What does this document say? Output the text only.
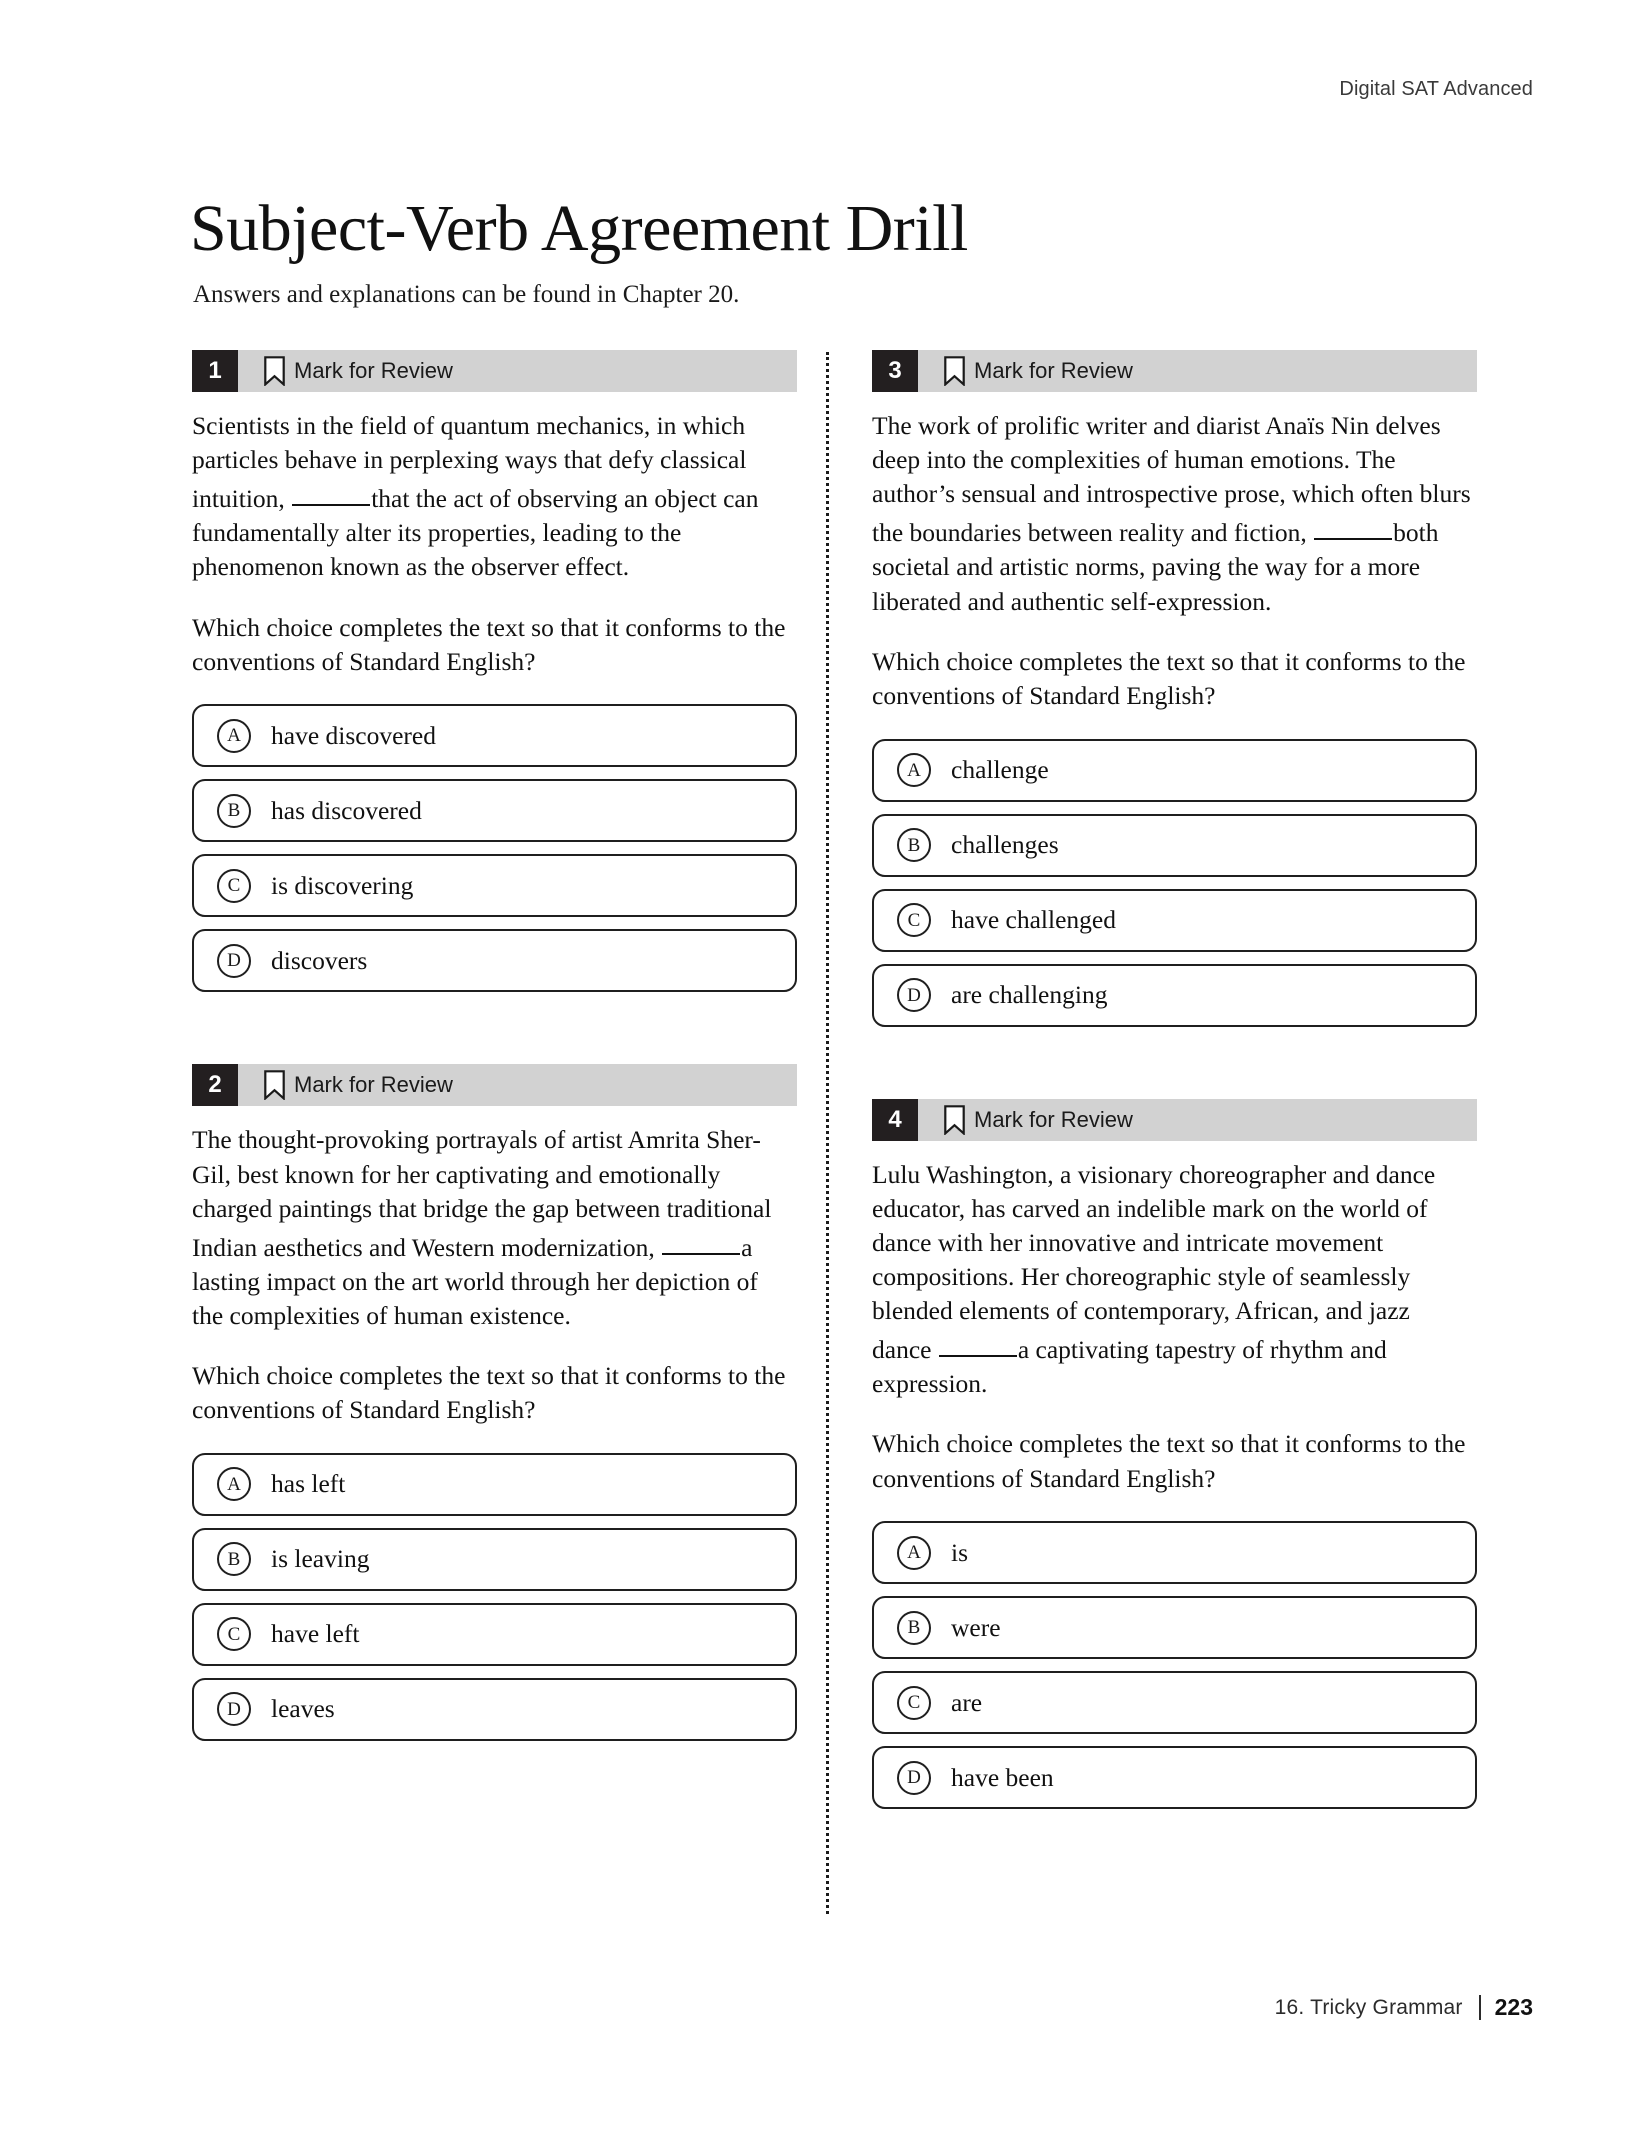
Digital SAT Advanced
Subject-Verb Agreement Drill
Answers and explanations can be found in Chapter 20.
1	Mark for Review

Scientists in the field of quantum mechanics, in which particles behave in perplexing ways that defy classical intuition,	that the act of observing an object can fundamentally alter its properties, leading to the phenomenon known as the observer effect.

Which choice completes the text so that it conforms to the conventions of Standard English?

A	have discovered
B	has discovered
C	is discovering
D	discovers
2	Mark for Review

The thought-provoking portrayals of artist Amrita Sher-Gil, best known for her captivating and emotionally charged paintings that bridge the gap between traditional Indian aesthetics and Western modernization,	a lasting impact on the art world through her depiction of the complexities of human existence.

Which choice completes the text so that it conforms to the conventions of Standard English?

A	has left
B	is leaving
C	have left
D	leaves
3	Mark for Review

The work of prolific writer and diarist Anaïs Nin delves deep into the complexities of human emotions. The author’s sensual and introspective prose, which often blurs the boundaries between reality and fiction,	both societal and artistic norms, paving the way for a more liberated and authentic self-expression.

Which choice completes the text so that it conforms to the conventions of Standard English?

A	challenge
B	challenges
C	have challenged
D	are challenging
4	Mark for Review

Lulu Washington, a visionary choreographer and dance educator, has carved an indelible mark on the world of dance with her innovative and intricate movement compositions. Her choreographic style of seamlessly blended elements of contemporary, African, and jazz dance	a captivating tapestry of rhythm and expression.

Which choice completes the text so that it conforms to the conventions of Standard English?

A	is
B	were
C	are
D	have been
16. Tricky Grammar 223
